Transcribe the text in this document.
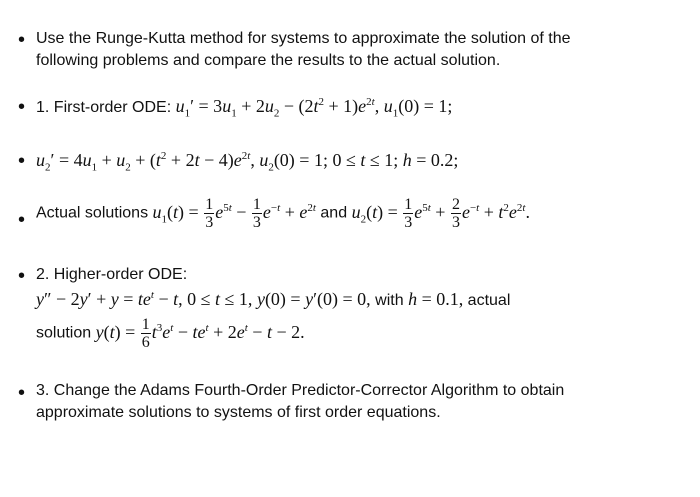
• Use the Runge-Kutta method for systems to approximate the solution of the
following problems and compare the results to the actual solution.
• 1. First-order ODE: $u_1' = 3u_1 + 2u_2 - (2t^2 + 1)e^{2t}$, $u_1(0) = 1$;
• $u_2' = 4u_1 + u_2 + (t^2 + 2t - 4)e^{2t}$, $u_2(0) = 1$; 0 ≤ t ≤ 1; h = 0.2;
• Actual solutions $u_1(t) = \frac{1}{3} e^{5t} - \frac{1}{3} e^{-t} + e^{2t}$ and $u_2(t) = \frac{1}{3} e^{5t} + \frac{2}{3} e^{-t} + t^2e^{2t}$.
• 2. Higher-order ODE:
$y'' - 2y' + y = te^t - t$, 0 ≤ t ≤ 1, y(0) = y′(0) = 0, with h = 0.1, actual
solution $y(t) = \frac{1}{6} t^3e^t - te^t + 2e^t - t - 2$.
• 3. Change the Adams Fourth-Order Predictor-Corrector Algorithm to obtain
approximate solutions to systems of first order equations.
